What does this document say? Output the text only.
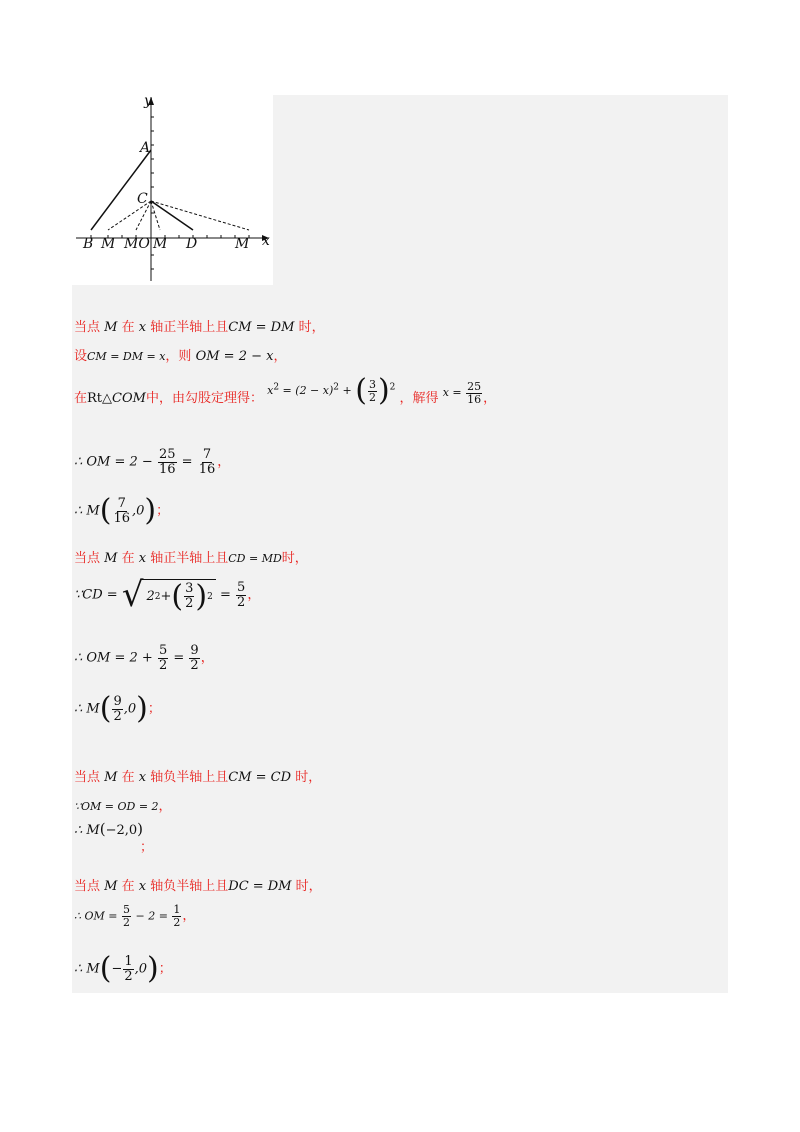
y
A
C
x
B M MO M D	M
当点 M 在 x 轴正半轴上且CM = DM 时，
设CM = DM = x，则 OM = 2 − x，
在Rt△COM中，由勾股定理得： $^{x^2 = (2 - x)^2 + ( \frac{3}{2} )^2}$ ，解得 $^{x = \frac{25}{16}}$ ，
∴ OM = $2 - \frac{25}{16} = \frac{7}{16}$ ，
∴ $M( \frac{7}{16} ,0)$；
当点 M 在 x 轴正半轴上且CD = MD时，
∵CD = √ 2 2 + ( $\frac{3}{2}$ ) $2 = \frac{5}{2}$ ，
∴ OM = $2 + \frac{5}{2} = \frac{9}{2}$ ，
∴ $M( \frac{9}{2} ,0)$；
当点 M 在 x 轴负半轴上且CM = CD 时，
∵OM = OD = 2，
∴ M(−2,0)
；
当点 M 在 x 轴负半轴上且DC = DM 时，
∴ OM = $\frac{5}{2} - 2 = \frac{1}{2}$ ，
∴ $M(- \frac{1}{2} ,0)$；
